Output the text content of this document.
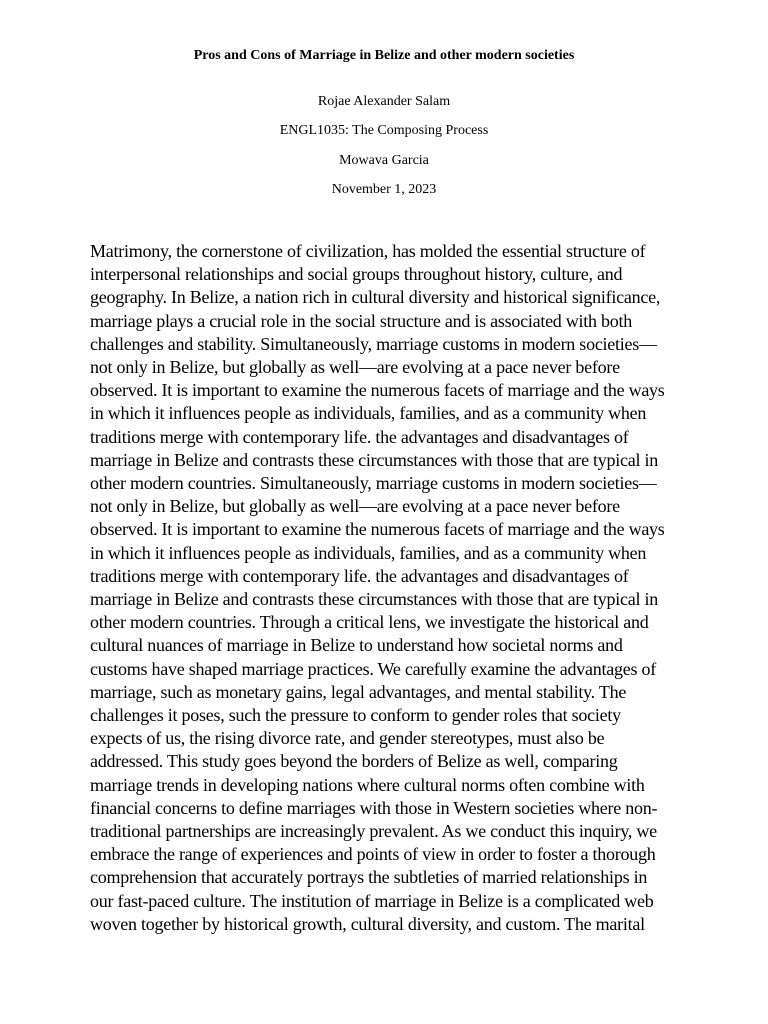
Pros and Cons of Marriage in Belize and other modern societies
Rojae Alexander Salam
ENGL1035: The Composing Process
Mowava Garcia
November 1, 2023

Matrimony, the cornerstone of civilization, has molded the essential structure of
interpersonal relationships and social groups throughout history, culture, and
geography. In Belize, a nation rich in cultural diversity and historical significance,
marriage plays a crucial role in the social structure and is associated with both
challenges and stability. Simultaneously, marriage customs in modern societies—
not only in Belize, but globally as well—are evolving at a pace never before
observed. It is important to examine the numerous facets of marriage and the ways
in which it influences people as individuals, families, and as a community when
traditions merge with contemporary life. the advantages and disadvantages of
marriage in Belize and contrasts these circumstances with those that are typical in
other modern countries. Simultaneously, marriage customs in modern societies—
not only in Belize, but globally as well—are evolving at a pace never before
observed. It is important to examine the numerous facets of marriage and the ways
in which it influences people as individuals, families, and as a community when
traditions merge with contemporary life. the advantages and disadvantages of
marriage in Belize and contrasts these circumstances with those that are typical in
other modern countries. Through a critical lens, we investigate the historical and
cultural nuances of marriage in Belize to understand how societal norms and
customs have shaped marriage practices. We carefully examine the advantages of
marriage, such as monetary gains, legal advantages, and mental stability. The
challenges it poses, such the pressure to conform to gender roles that society
expects of us, the rising divorce rate, and gender stereotypes, must also be
addressed. This study goes beyond the borders of Belize as well, comparing
marriage trends in developing nations where cultural norms often combine with
financial concerns to define marriages with those in Western societies where non-
traditional partnerships are increasingly prevalent. As we conduct this inquiry, we
embrace the range of experiences and points of view in order to foster a thorough
comprehension that accurately portrays the subtleties of married relationships in
our fast-paced culture. The institution of marriage in Belize is a complicated web
woven together by historical growth, cultural diversity, and custom. The marital
